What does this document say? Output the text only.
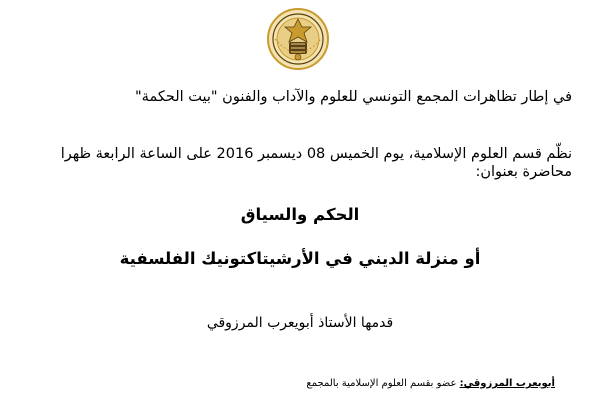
في إطار تظاهرات المجمع التونسي للعلوم والآداب والفنون "بيت الحكمة"
نظّم قسم العلوم الإسلامية، يوم الخميس 08 ديسمبر 2016 على الساعة الرابعة ظهرا
محاضرة بعنوان:
الحكم والسياق
أو منزلة الديني في الأرشيتاكتونيك الفلسفية
قدمها الأستاذ أبويعرب المرزوقي
أبويعرب المرزوقي: عضو بقسم العلوم الإسلامية بالمجمع
